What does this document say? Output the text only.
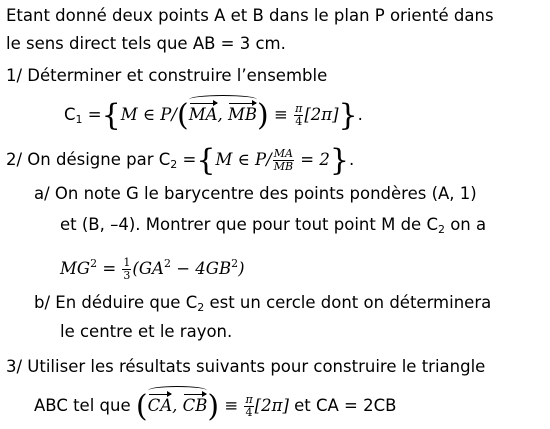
Etant donné deux points A et B dans le plan P orienté dans
le sens direct tels que AB = 3 cm.
1/ Déterminer et construire l’ensemble
$C_1 =\{M$ ∈ P/(
MA, $MB) \equiv \frac{\pi}{4} [2\pi]$}.
2/ On désigne par $C_2 =\{M$ ∈ $P/ \frac{MA}{MB} = 2$}.
a/ On note G le barycentre des points pondères (A, 1)
et (B, –4). Montrer que pour tout point M de $C_2$ on a
$MG^2 = \frac{1}{3} (GA^2 - 4GB^2)$
b/ En déduire que $C_2$ est un cercle dont on déterminera
le centre et le rayon.
3/ Utiliser les résultats suivants pour construire le triangle
ABC tel que (
CA, $CB) \equiv \frac{\pi}{4} [2\pi]$ et CA = 2CB
